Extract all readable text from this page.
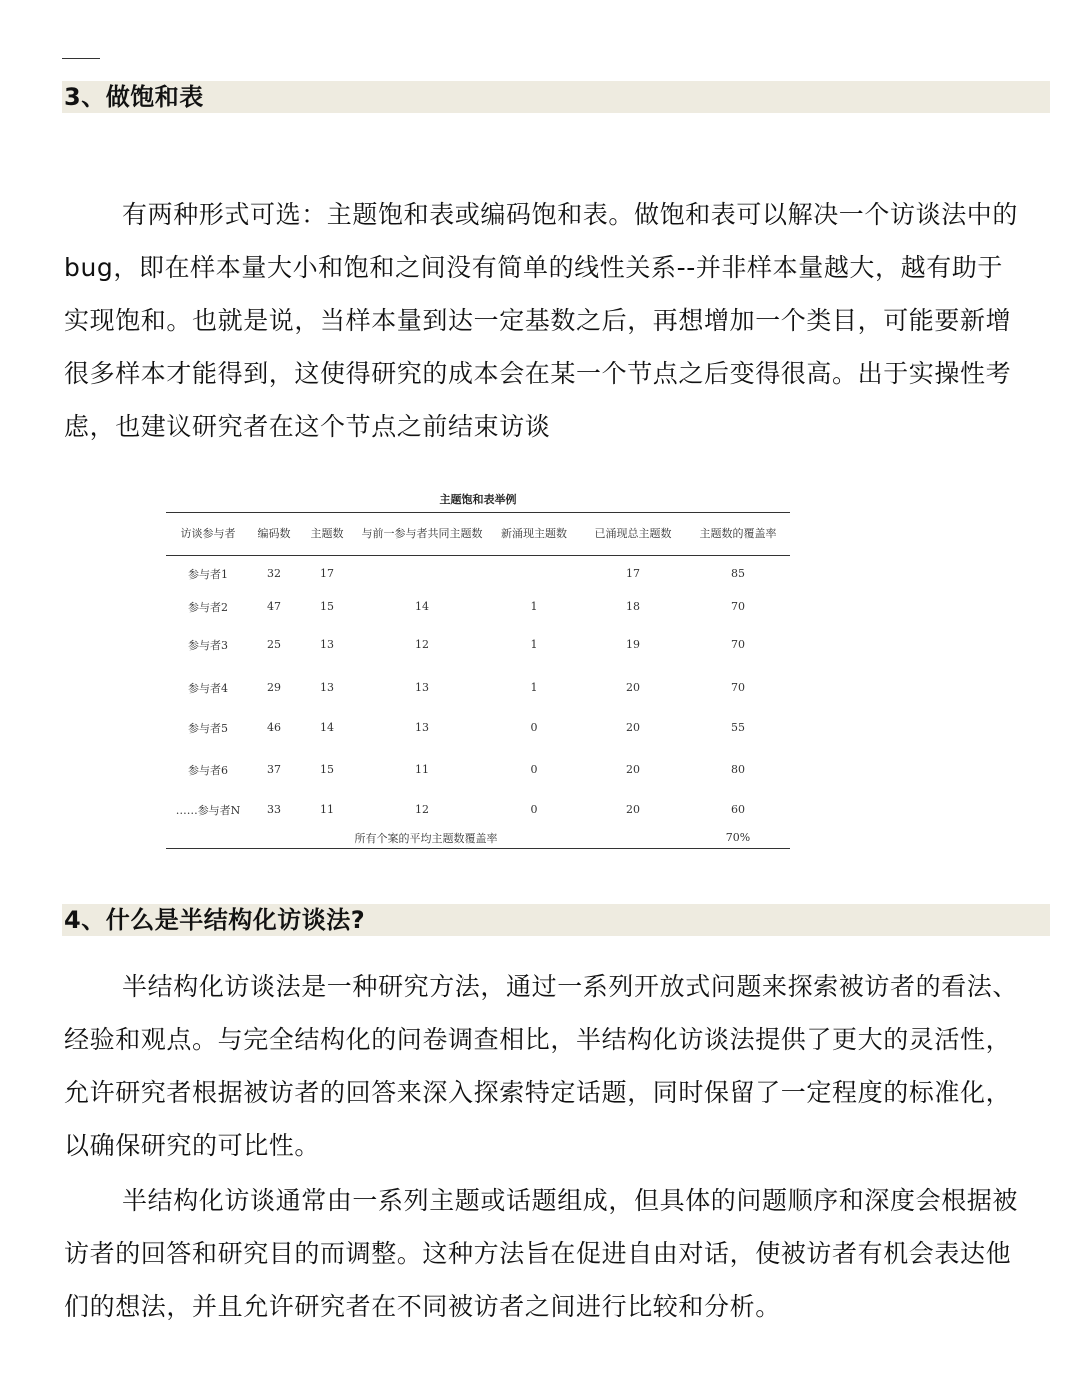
3、做饱和表

有两种形式可选：主题饱和表或编码饱和表。做饱和表可以解决一个访谈法中的bug，即在样本量大小和饱和之间没有简单的线性关系--并非样本量越大，越有助于实现饱和。也就是说，当样本量到达一定基数之后，再想增加一个类目，可能要新增很多样本才能得到，这使得研究的成本会在某一个节点之后变得很高。出于实操性考虑，也建议研究者在这个节点之前结束访谈

主题饱和表举例
访谈参与者	编码数	主题数	与前一参与者共同主题数	新涌现主题数	已涌现总主题数	主题数的覆盖率
参与者1	32	17			17	85
参与者2	47	15	14	1	18	70
参与者3	25	13	12	1	19	70
参与者4	29	13	13	1	20	70
参与者5	46	14	13	0	20	55
参与者6	37	15	11	0	20	80
……参与者N	33	11	12	0	20	60
所有个案的平均主题数覆盖率						70%
4、什么是半结构化访谈法?

半结构化访谈法是一种研究方法，通过一系列开放式问题来探索被访者的看法、经验和观点。与完全结构化的问卷调查相比，半结构化访谈法提供了更大的灵活性，允许研究者根据被访者的回答来深入探索特定话题，同时保留了一定程度的标准化，以确保研究的可比性。

半结构化访谈通常由一系列主题或话题组成，但具体的问题顺序和深度会根据被访者的回答和研究目的而调整。这种方法旨在促进自由对话，使被访者有机会表达他们的想法，并且允许研究者在不同被访者之间进行比较和分析。
